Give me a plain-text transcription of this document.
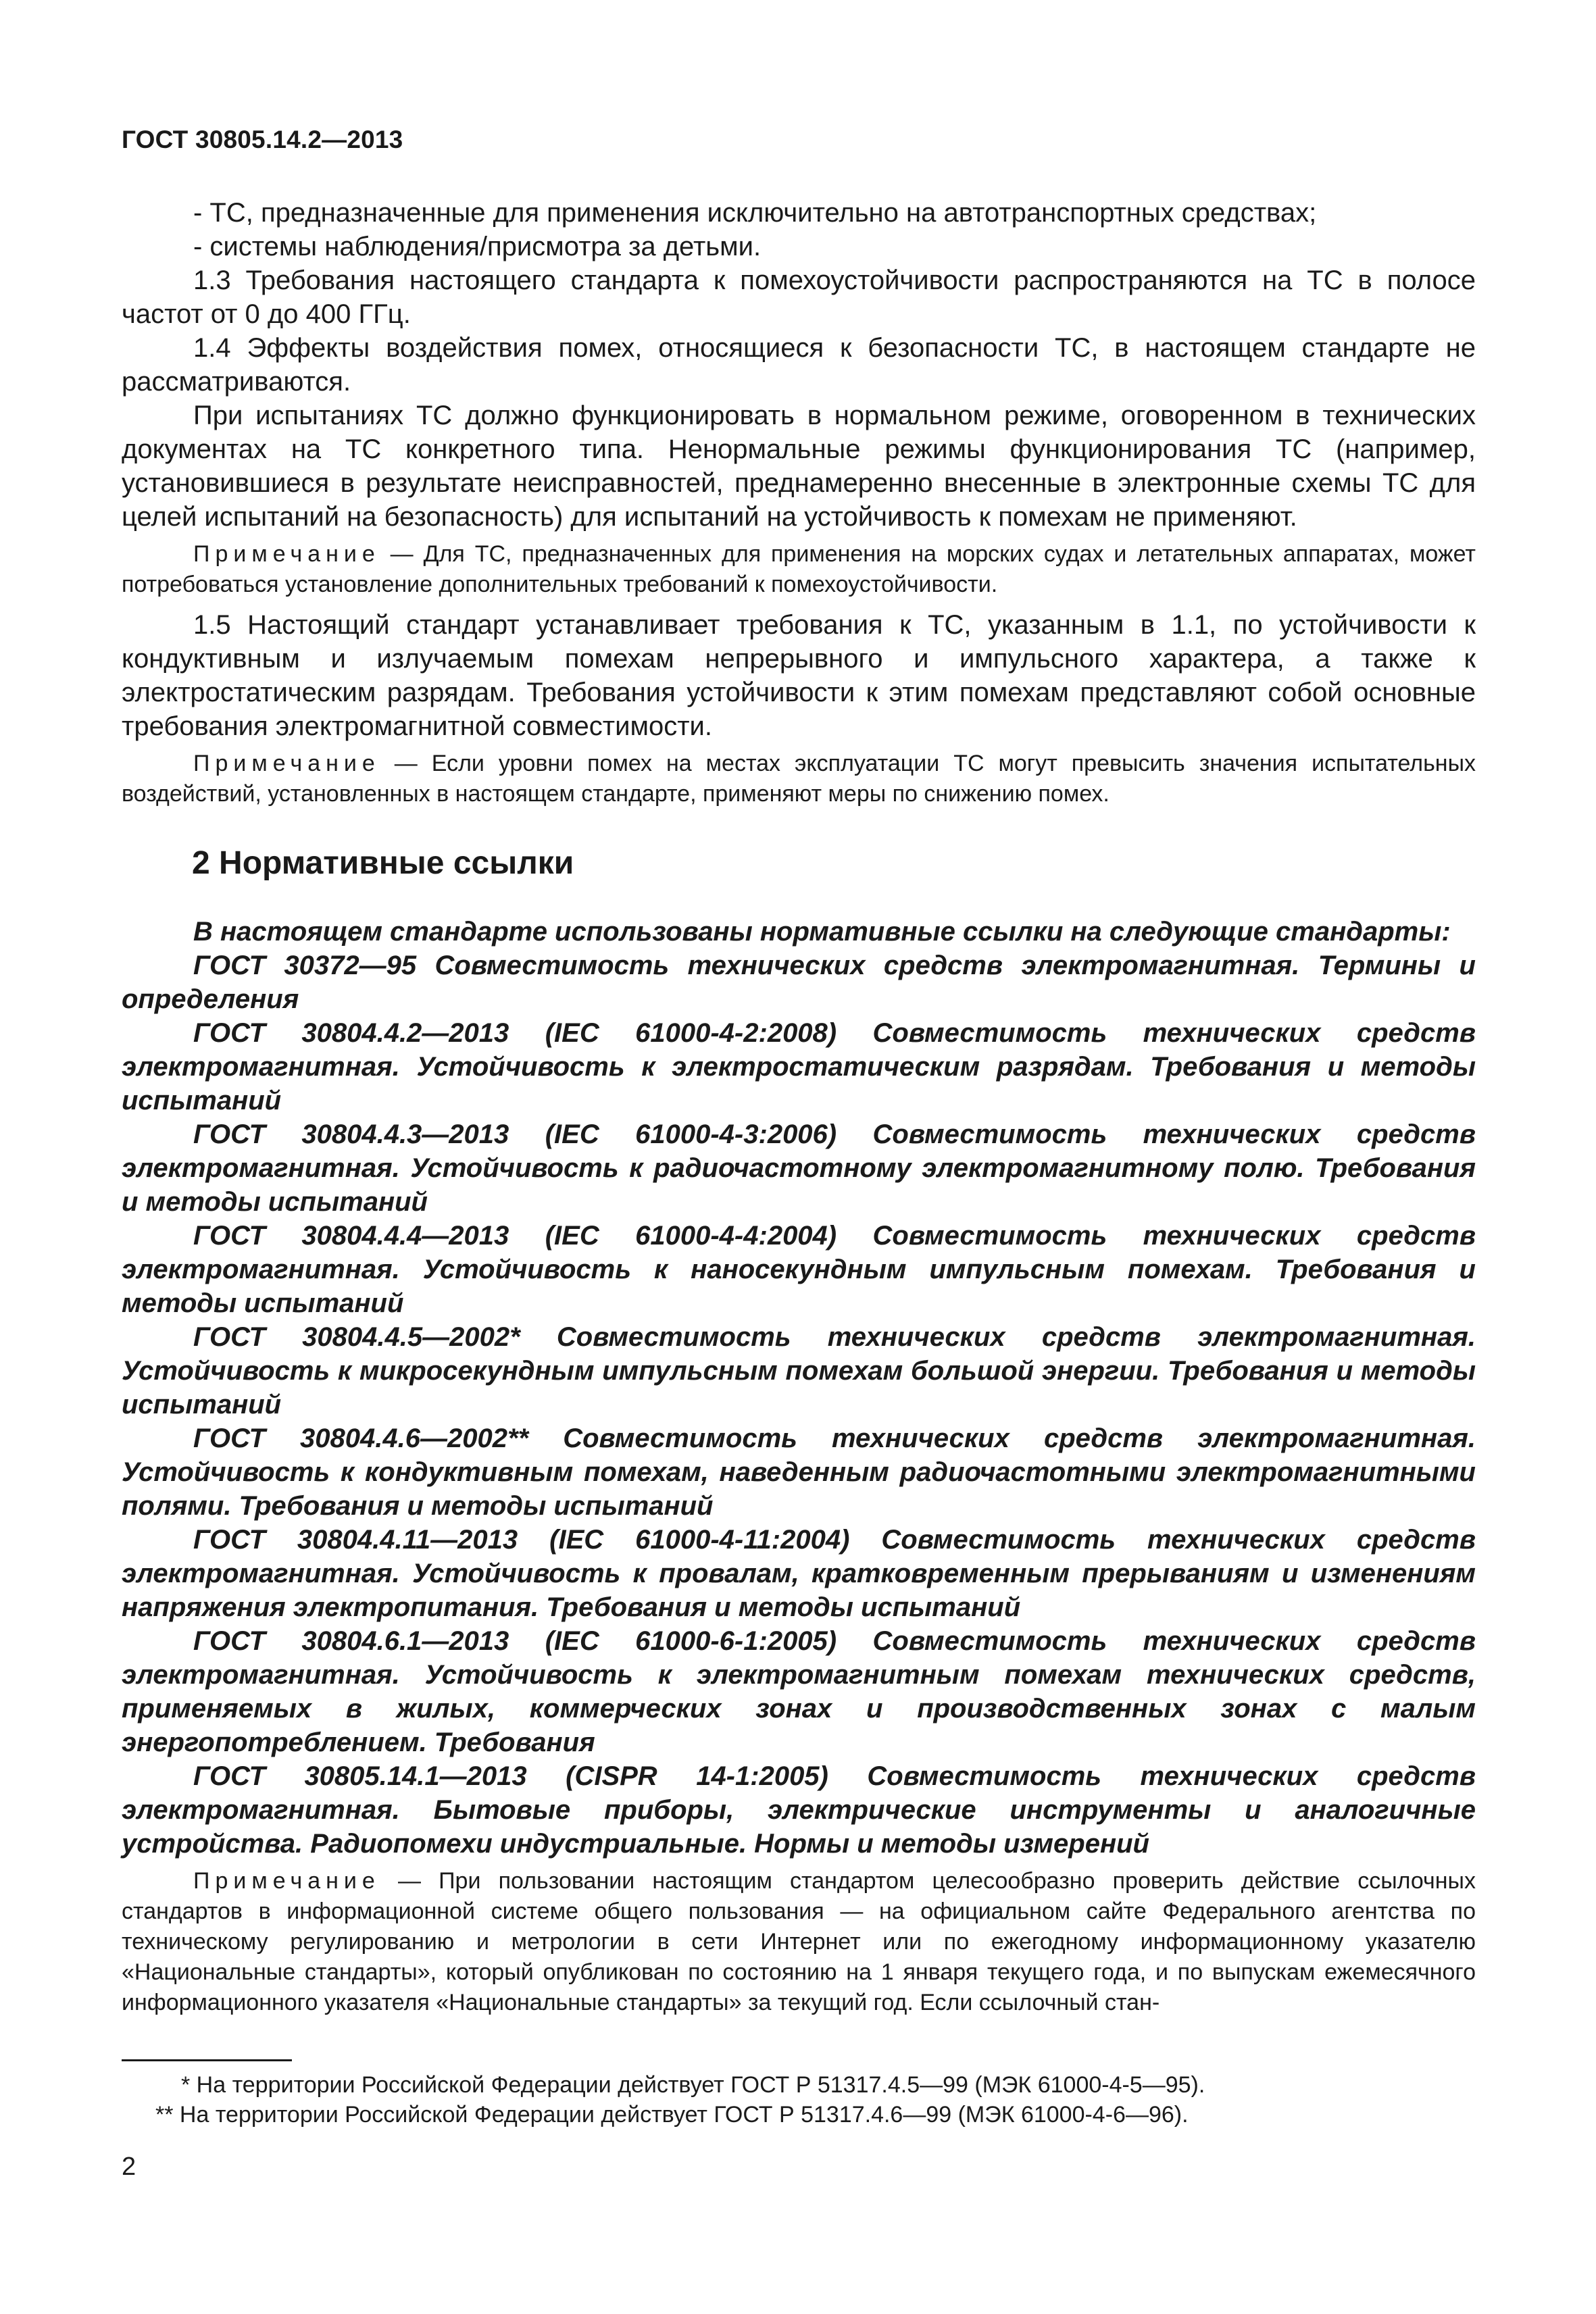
ГОСТ 30805.14.2—2013

- ТС, предназначенные для применения исключительно на автотранспортных средствах;

- системы наблюдения/присмотра за детьми.

1.3 Требования настоящего стандарта к помехоустойчивости распространяются на ТС в полосе частот от 0 до 400 ГГц.

1.4 Эффекты воздействия помех, относящиеся к безопасности ТС, в настоящем стандарте не рассматриваются.

При испытаниях ТС должно функционировать в нормальном режиме, оговоренном в технических документах на ТС конкретного типа. Ненормальные режимы функционирования ТС (например, установившиеся в результате неисправностей, преднамеренно внесенные в электронные схемы ТС для целей испытаний на безопасность) для испытаний на устойчивость к помехам не применяют.

Примечание — Для ТС, предназначенных для применения на морских судах и летательных аппаратах, может потребоваться установление дополнительных требований к помехоустойчивости.

1.5 Настоящий стандарт устанавливает требования к ТС, указанным в 1.1, по устойчивости к кондуктивным и излучаемым помехам непрерывного и импульсного характера, а также к электростатическим разрядам. Требования устойчивости к этим помехам представляют собой основные требования электромагнитной совместимости.

Примечание — Если уровни помех на местах эксплуатации ТС могут превысить значения испытательных воздействий, установленных в настоящем стандарте, применяют меры по снижению помех.

2 Нормативные ссылки

В настоящем стандарте использованы нормативные ссылки на следующие стандарты:

ГОСТ 30372—95 Совместимость технических средств электромагнитная. Термины и определения

ГОСТ 30804.4.2—2013 (IEC 61000-4-2:2008) Совместимость технических средств электромагнитная. Устойчивость к электростатическим разрядам. Требования и методы испытаний

ГОСТ 30804.4.3—2013 (IEC 61000-4-3:2006) Совместимость технических средств электромагнитная. Устойчивость к радиочастотному электромагнитному полю. Требования и методы испытаний

ГОСТ 30804.4.4—2013 (IEC 61000-4-4:2004) Совместимость технических средств электромагнитная. Устойчивость к наносекундным импульсным помехам. Требования и методы испытаний

ГОСТ 30804.4.5—2002* Совместимость технических средств электромагнитная. Устойчивость к микросекундным импульсным помехам большой энергии. Требования и методы испытаний

ГОСТ 30804.4.6—2002** Совместимость технических средств электромагнитная. Устойчивость к кондуктивным помехам, наведенным радиочастотными электромагнитными полями. Требования и методы испытаний

ГОСТ 30804.4.11—2013 (IEC 61000-4-11:2004) Совместимость технических средств электромагнитная. Устойчивость к провалам, кратковременным прерываниям и изменениям напряжения электропитания. Требования и методы испытаний

ГОСТ 30804.6.1—2013 (IEC 61000-6-1:2005) Совместимость технических средств электромагнитная. Устойчивость к электромагнитным помехам технических средств, применяемых в жилых, коммерческих зонах и производственных зонах с малым энергопотреблением. Требования

ГОСТ 30805.14.1—2013 (CISPR 14-1:2005) Совместимость технических средств электромагнитная. Бытовые приборы, электрические инструменты и аналогичные устройства. Радиопомехи индустриальные. Нормы и методы измерений

Примечание — При пользовании настоящим стандартом целесообразно проверить действие ссылочных стандартов в информационной системе общего пользования — на официальном сайте Федерального агентства по техническому регулированию и метрологии в сети Интернет или по ежегодному информационному указателю «Национальные стандарты», который опубликован по состоянию на 1 января текущего года, и по выпускам ежемесячного информационного указателя «Национальные стандарты» за текущий год. Если ссылочный стан-

* На территории Российской Федерации действует ГОСТ Р 51317.4.5—99 (МЭК 61000-4-5—95).

** На территории Российской Федерации действует ГОСТ Р 51317.4.6—99 (МЭК 61000-4-6—96).

2
